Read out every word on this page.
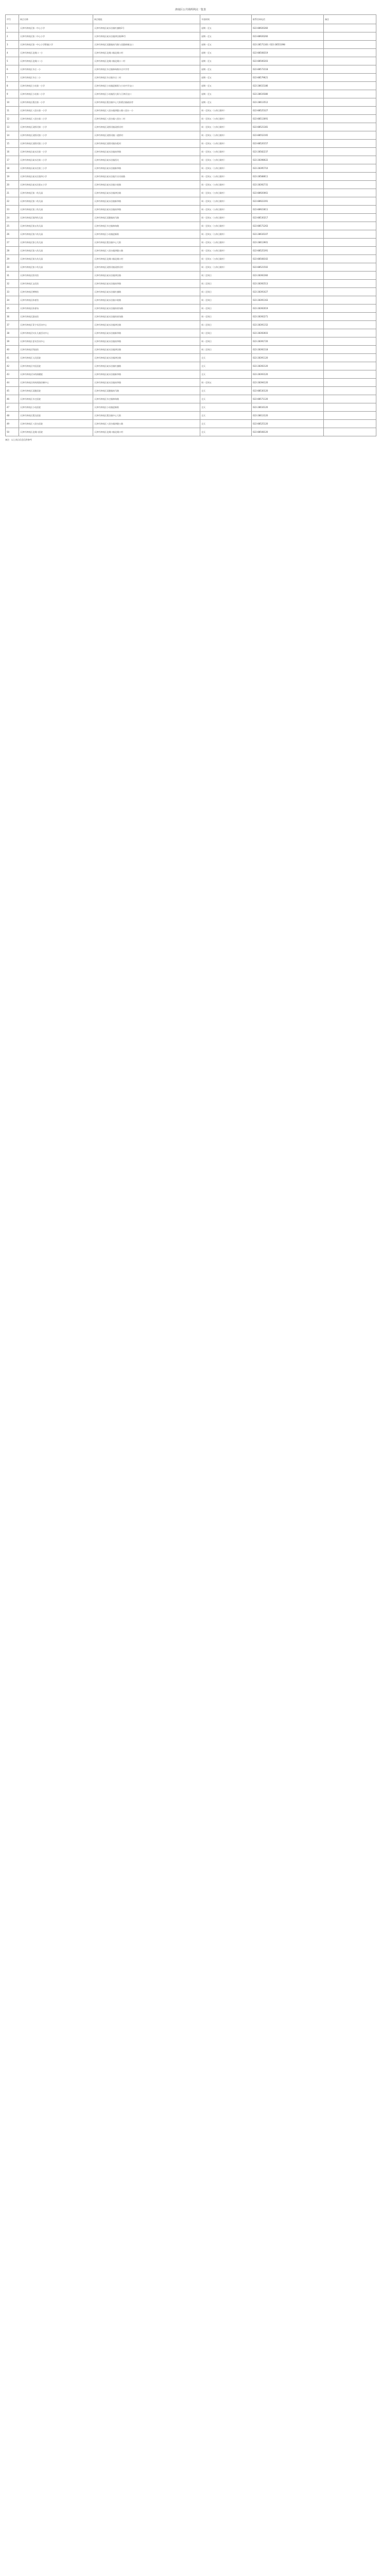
津南区公共场所网点一览表
序号	网点名称	网点地址	开放时间	联系咨询电话	备注
1	天津市津南区第一中心小学	天津市津南区咸水沽镇红旗路1号	星期一至五	022-88926360	
2	天津市津南区第二中心小学	天津市津南区咸水沽镇津沽路36号	星期一至五	022-88926260	
3	天津市津南区第一中心小学附属小学	天津市津南区双港镇南马路与双港新城交口	星期一至五	022-28571183 / 022-28551098	
4	天津市津南区北闸口一小	天津市津南区北闸口镇北闸口村	星期一至五	022-88508319	
5	天津市津南区北闸口二小	天津市津南区北闸口镇北闸口二村	星期一至五	022-88506303	
6	天津市津南区辛庄一小	天津市津南区辛庄镇林甸路辛庄中学旁	星期一至五	022-88573118	
7	天津市津南区辛庄二小	天津市津南区辛庄镇辛庄二村	星期一至五	022-88579621	
8	天津市津南区小站第一小学	天津市津南区小站镇迎新街与小站中学交口	星期一至五	022-28615186	
9	天津市津南区小站第二小学	天津市津南区小站镇西大街与卫津河交口	星期一至五	022-28619380	
10	天津市津南区葛沽第一小学	天津市津南区葛沽镇中心大街葛沽镇政府旁	星期一至五	022-28613512	
11	天津市津南区八里台第一小学	天津市津南区八里台镇津港公路八里台一小	周一至周五（公休日除外）	022-88525327	
12	天津市津南区八里台第二小学	天津市津南区八里台镇八里台二村	周一至周五（公休日除外）	022-88513091	
13	天津市津南区双桥河第一小学	天津市津南区双桥河镇双桥河村	周一至周五（公休日除外）	022-88521381	
14	天津市津南区双桥河第二小学	天津市津南区双桥河镇二道桥村	周一至周五（公休日除外）	022-88552165	
15	天津市津南区双桥河第三小学	天津市津南区双桥河镇东咀村	周一至周五（公休日除外）	022-88520157	
16	天津市津南区咸水沽第一小学	天津市津南区咸水沽镇南华路	周一至周五（公休日除外）	022-28582237	
17	天津市津南区咸水沽第二小学	天津市津南区咸水沽镇西关	周一至周五（公休日除外）	022-28398022	
18	天津市津南区咸水沽第三小学	天津市津南区咸水沽镇新华路	周一至周五（公休日除外）	022-28395710	
19	天津市津南区咸水沽第四小学	天津市津南区咸水沽镇月牙河南路	周一至周五（公休日除外）	022-28588611	
20	天津市津南区咸水沽第五小学	天津市津南区咸水沽镇丰收路	周一至周五（公休日除外）	022-28392731	
21	天津市津南区第一幼儿园	天津市津南区咸水沽镇津沽路	周一至周五（公休日除外）	022-88920061	
22	天津市津南区第二幼儿园	天津市津南区咸水沽镇新华路	周一至周五（公休日除外）	022-88922391	
23	天津市津南区第三幼儿园	天津市津南区咸水沽镇南华路	周一至周五（公休日除外）	022-88923611	
24	天津市津南区第四幼儿园	天津市津南区双港镇南马路	周一至周五（公休日除外）	022-88530217	
25	天津市津南区第五幼儿园	天津市津南区辛庄镇林甸路	周一至周五（公休日除外）	022-88571263	
26	天津市津南区第六幼儿园	天津市津南区小站镇迎新街	周一至周五（公休日除外）	022-28616107	
27	天津市津南区第七幼儿园	天津市津南区葛沽镇中心大街	周一至周五（公休日除外）	022-28613901	
28	天津市津南区第八幼儿园	天津市津南区八里台镇津港公路	周一至周五（公休日除外）	022-88525391	
29	天津市津南区第九幼儿园	天津市津南区北闸口镇北闸口村	周一至周五（公休日除外）	022-88508102	
30	天津市津南区第十幼儿园	天津市津南区双桥河镇双桥河村	周一至周五（公休日除外）	022-88521502	
31	天津市津南区图书馆	天津市津南区咸水沽镇津沽路	周二至周日	022-28392360	
32	天津市津南区文化馆	天津市津南区咸水沽镇南华路	周二至周日	022-28392513	
33	天津市津南区博物馆	天津市津南区咸水沽镇红旗路	周二至周日	022-28391027	
34	天津市津南区体育馆	天津市津南区咸水沽镇丰收路	周一至周日	022-28391163	
35	天津市津南区体育场	天津市津南区咸水沽镇体育场路	周一至周日	022-28392019	
36	天津市津南区游泳馆	天津市津南区咸水沽镇体育场路	周一至周日	022-28392271	
37	天津市津南区青少年活动中心	天津市津南区咸水沽镇津沽路	周二至周日	022-28391152	
38	天津市津南区妇女儿童活动中心	天津市津南区咸水沽镇新华路	周二至周日	022-28392603	
39	天津市津南区老年活动中心	天津市津南区咸水沽镇南华路	周一至周日	022-28391720	
40	天津市津南区科技馆	天津市津南区咸水沽镇津沽路	周二至周日	022-28392118	
41	天津市津南区人民医院	天津市津南区咸水沽镇津沽路	全天	022-28391120	
42	天津市津南区中医医院	天津市津南区咸水沽镇红旗路	全天	022-28392120	
43	天津市津南区妇幼保健院	天津市津南区咸水沽镇新华路	全天	022-28393120	
44	天津市津南区疾病预防控制中心	天津市津南区咸水沽镇南华路	周一至周五	022-28394120	
45	天津市津南区双港医院	天津市津南区双港镇南马路	全天	022-88530120	
46	天津市津南区辛庄医院	天津市津南区辛庄镇林甸路	全天	022-88571120	
47	天津市津南区小站医院	天津市津南区小站镇迎新街	全天	022-28616120	
48	天津市津南区葛沽医院	天津市津南区葛沽镇中心大街	全天	022-28613120	
49	天津市津南区八里台医院	天津市津南区八里台镇津港公路	全天	022-88525120	
50	天津市津南区北闸口医院	天津市津南区北闸口镇北闸口村	全天	022-88508120	
备注：以上网点信息仅供参考
